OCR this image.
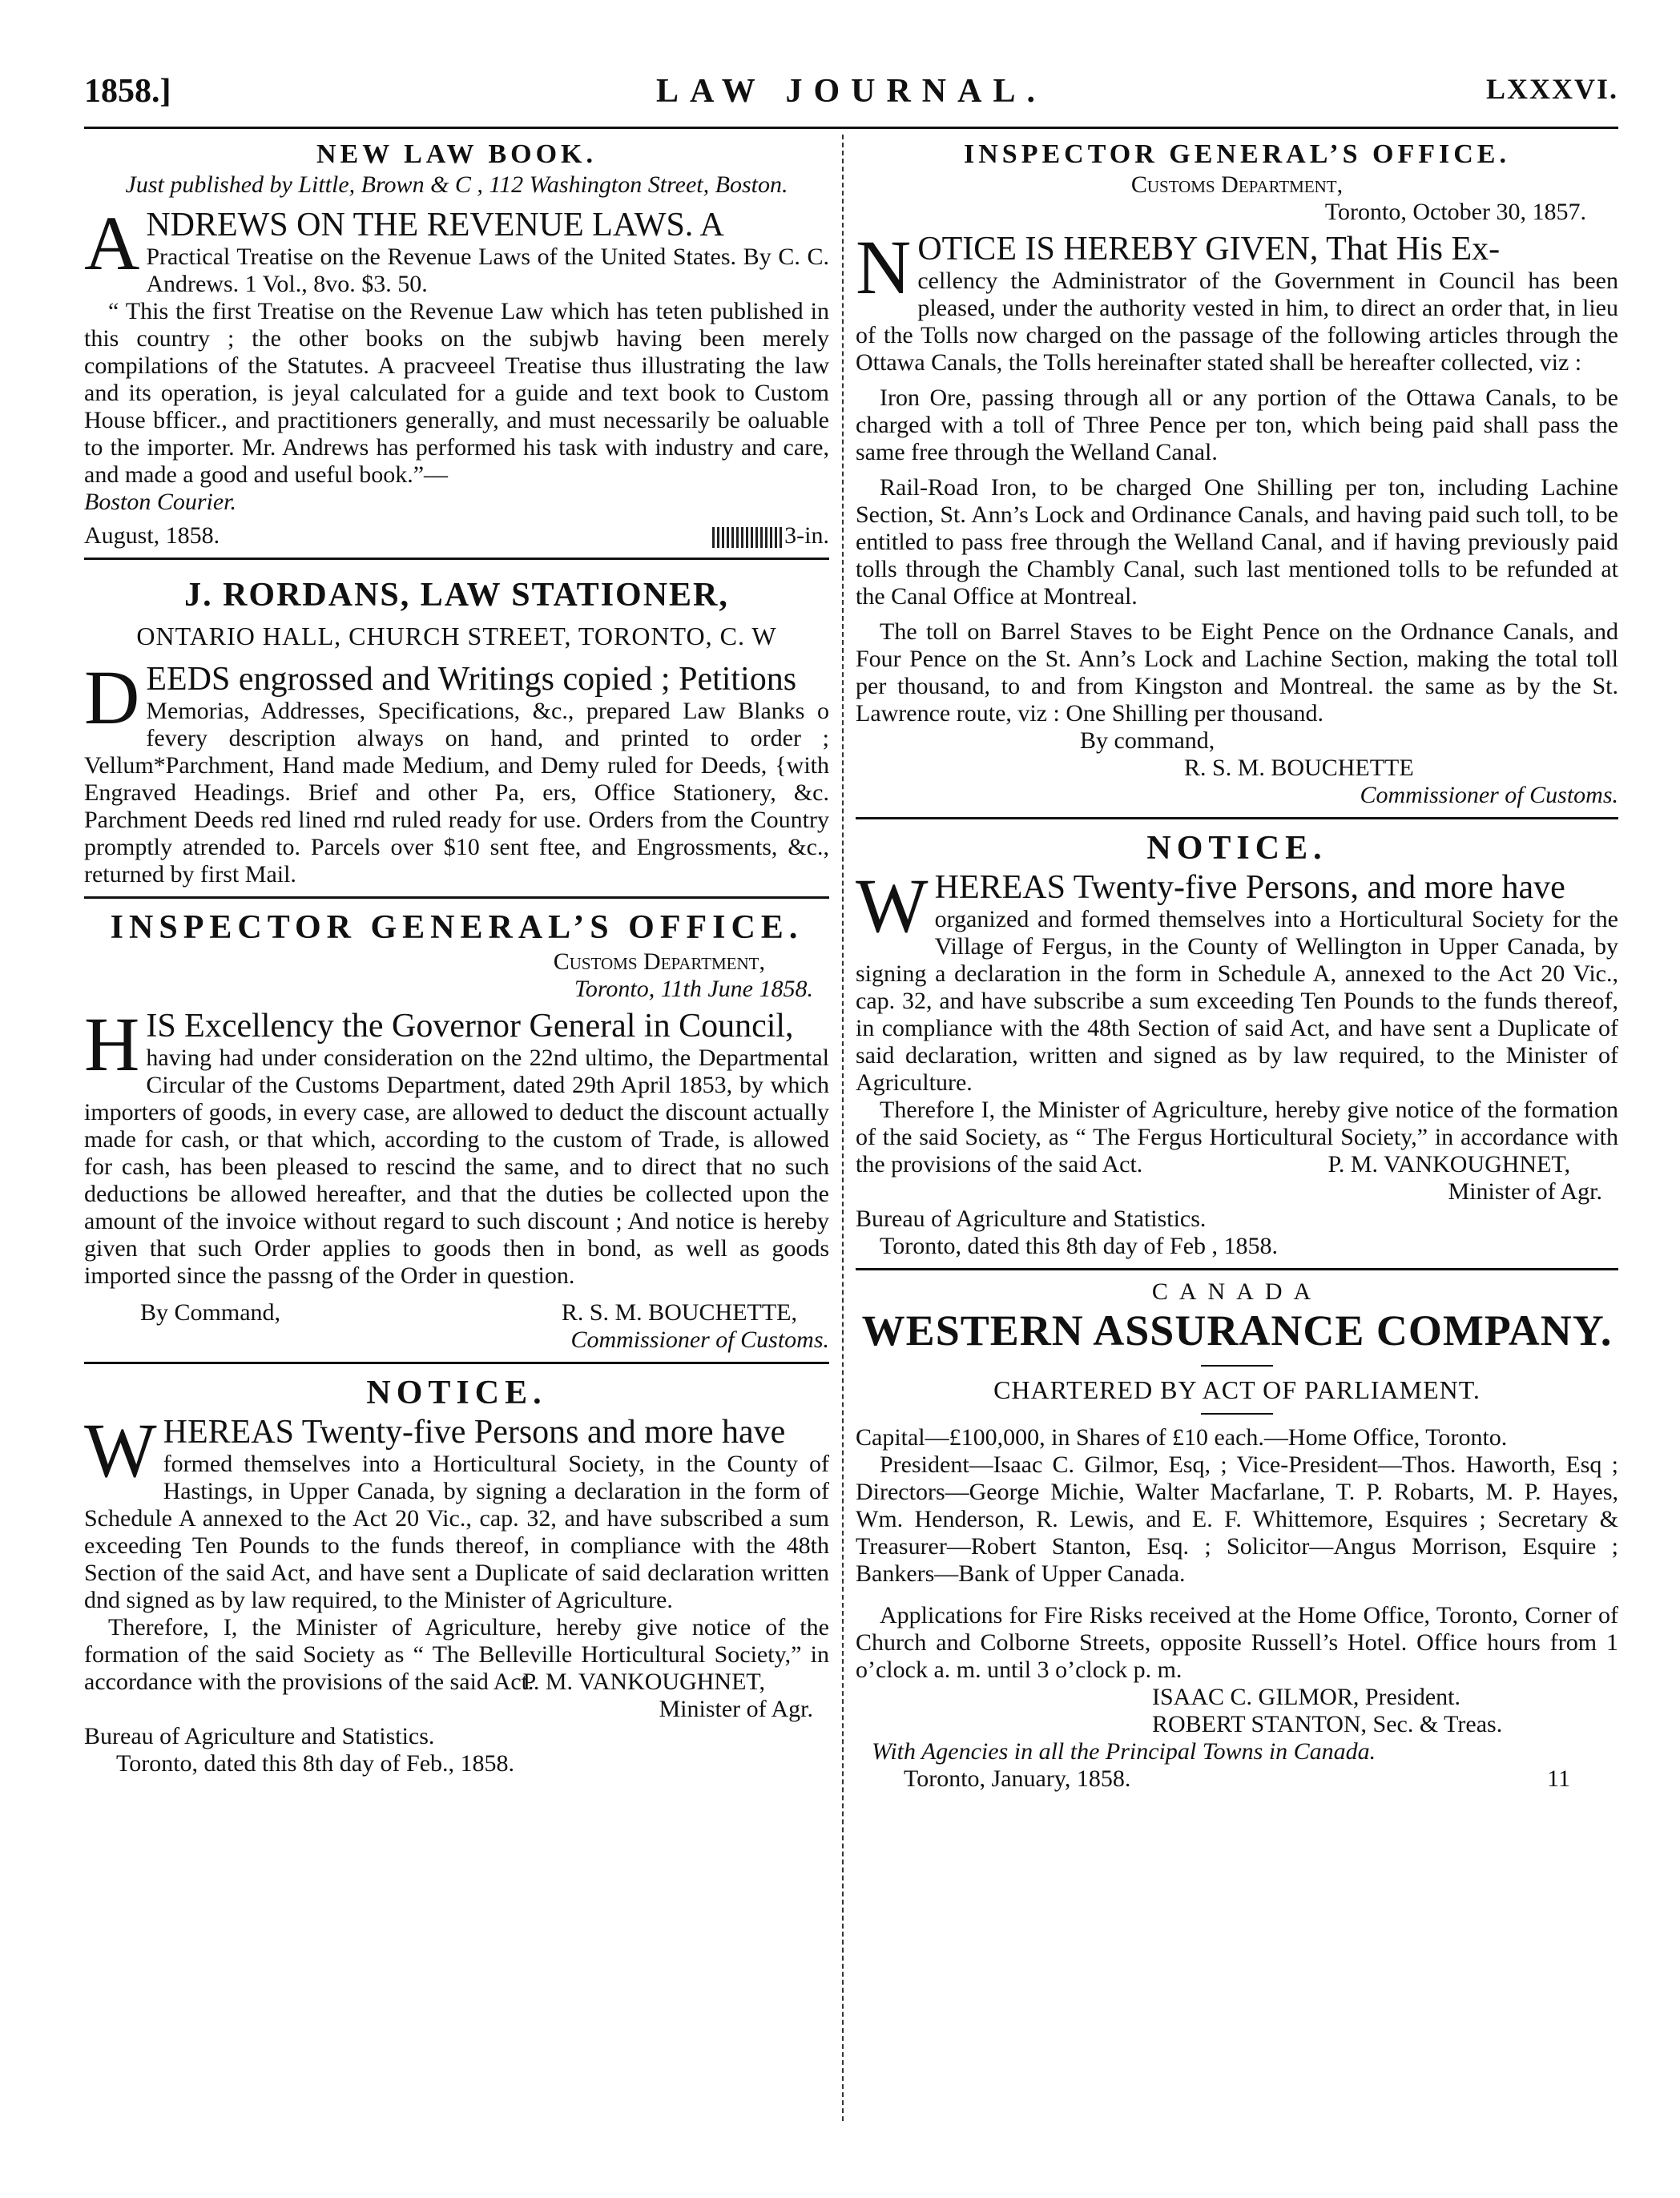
1858.]	LAW JOURNAL.	LXXXVI.
NEW LAW BOOK.

Just published by Little, Brown & C , 112 Washington Street, Boston.

A NDREWS ON THE REVENUE LAWS. A

Practical Treatise on the Revenue Laws of the United States. By C. C. Andrews. 1 Vol., 8vo. $3. 50.

“ This the first Treatise on the Revenue Law which has teten published in this country ; the other books on the subjwb having been merely compilations of the Statutes. A pracveeel Treatise thus illustrating the law and its operation, is jeyal calculated for a guide and text book to Custom House bfficer., and practitioners generally, and must necessarily be oaluable to the importer. Mr. Andrews has performed his task with industry and care, and made a good and useful book.”—

Boston Courier.

August, 1858.	3-in.
J. RORDANS, LAW STATIONER,

ONTARIO HALL, CHURCH STREET, TORONTO, C. W

D EEDS engrossed and Writings copied ; Petitions

Memorias, Addresses, Specifications, &c., prepared Law Blanks o fevery description always on hand, and printed to order ; Vellum*Parchment, Hand made Medium, and Demy ruled for Deeds, {with Engraved Headings. Brief and other Pa, ers, Office Stationery, &c. Parchment Deeds red lined rnd ruled ready for use. Orders from the Country promptly atrended to. Parcels over $10 sent ftee, and Engrossments, &c., returned by first Mail.

INSPECTOR GENERAL’S OFFICE.

Customs Department,

Toronto, 11th June 1858.

H IS Excellency the Governor General in Council,

having had under consideration on the 22nd ultimo, the Departmental Circular of the Customs Department, dated 29th April 1853, by which importers of goods, in every case, are allowed to deduct the discount actually made for cash, or that which, according to the custom of Trade, is allowed for cash, has been pleased to rescind the same, and to direct that no such deductions be allowed hereafter, and that the duties be collected upon the amount of the invoice without regard to such discount ; And notice is hereby given that such Order applies to goods then in bond, as well as goods imported since the passng of the Order in question.

By Command,	R. S. M. BOUCHETTE,

Commissioner of Customs.

NOTICE.
W HEREAS Twenty-five Persons and more have

formed themselves into a Horticultural Society, in the County of Hastings, in Upper Canada, by signing a declaration in the form of Schedule A annexed to the Act 20 Vic., cap. 32, and have subscribed a sum exceeding Ten Pounds to the funds thereof, in compliance with the 48th Section of the said Act, and have sent a Duplicate of said declaration written dnd signed as by law required, to the Minister of Agriculture.

Therefore, I, the Minister of Agriculture, hereby give notice of the formation of the said Society as “ The Belleville Horticultural Society,” in accordance with the provisions of the said Act.

P. M. VANKOUGHNET,

Minister of Agr.

Bureau of Agriculture and Statistics.

Toronto, dated this 8th day of Feb., 1858.

INSPECTOR GENERAL’S OFFICE.

Customs Department,

Toronto, October 30, 1857.

N OTICE IS HEREBY GIVEN, That His Ex-

cellency the Administrator of the Government in Council has been pleased, under the authority vested in him, to direct an order that, in lieu of the Tolls now charged on the passage of the following articles through the Ottawa Canals, the Tolls hereinafter stated shall be hereafter collected, viz :

Iron Ore, passing through all or any portion of the Ottawa Canals, to be charged with a toll of Three Pence per ton, which being paid shall pass the same free through the Welland Canal.

Rail-Road Iron, to be charged One Shilling per ton, including Lachine Section, St. Ann’s Lock and Ordinance Canals, and having paid such toll, to be entitled to pass free through the Welland Canal, and if having previously paid tolls through the Chambly Canal, such last mentioned tolls to be refunded at the Canal Office at Montreal.

The toll on Barrel Staves to be Eight Pence on the Ordnance Canals, and Four Pence on the St. Ann’s Lock and Lachine Section, making the total toll per thousand, to and from Kingston and Montreal. the same as by the St. Lawrence route, viz : One Shilling per thousand.

By command,

R. S. M. BOUCHETTE

Commissioner of Customs.

NOTICE.
W HEREAS Twenty-five Persons, and more have

organized and formed themselves into a Horticultural Society for the Village of Fergus, in the County of Wellington in Upper Canada, by signing a declaration in the form in Schedule A, annexed to the Act 20 Vic., cap. 32, and have subscribe a sum exceeding Ten Pounds to the funds thereof, in compliance with the 48th Section of said Act, and have sent a Duplicate of said declaration, written and signed as by law required, to the Minister of Agriculture.

Therefore I, the Minister of Agriculture, hereby give notice of the formation of the said Society, as “ The Fergus Horticultural Society,” in accordance with the provisions of the said Act.	P. M. VANKOUGHNET,

Minister of Agr.

Bureau of Agriculture and Statistics.

Toronto, dated this 8th day of Feb , 1858.

CANADA

WESTERN ASSURANCE COMPANY.

CHARTERED BY ACT OF PARLIAMENT.

Capital—£100,000, in Shares of £10 each.—Home Office, Toronto.

President—Isaac C. Gilmor, Esq, ; Vice-President—Thos. Haworth, Esq ; Directors—George Michie, Walter Macfarlane, T. P. Robarts, M. P. Hayes, Wm. Henderson, R. Lewis, and E. F. Whittemore, Esquires ; Secretary & Treasurer—Robert Stanton, Esq. ; Solicitor—Angus Morrison, Esquire ; Bankers—Bank of Upper Canada.

Applications for Fire Risks received at the Home Office, Toronto, Corner of Church and Colborne Streets, opposite Russell’s Hotel. Office hours from 1 o’clock a. m. until 3 o’clock p. m.

ISAAC C. GILMOR, President.

ROBERT STANTON, Sec. & Treas.

With Agencies in all the Principal Towns in Canada.

Toronto, January, 1858.	11
